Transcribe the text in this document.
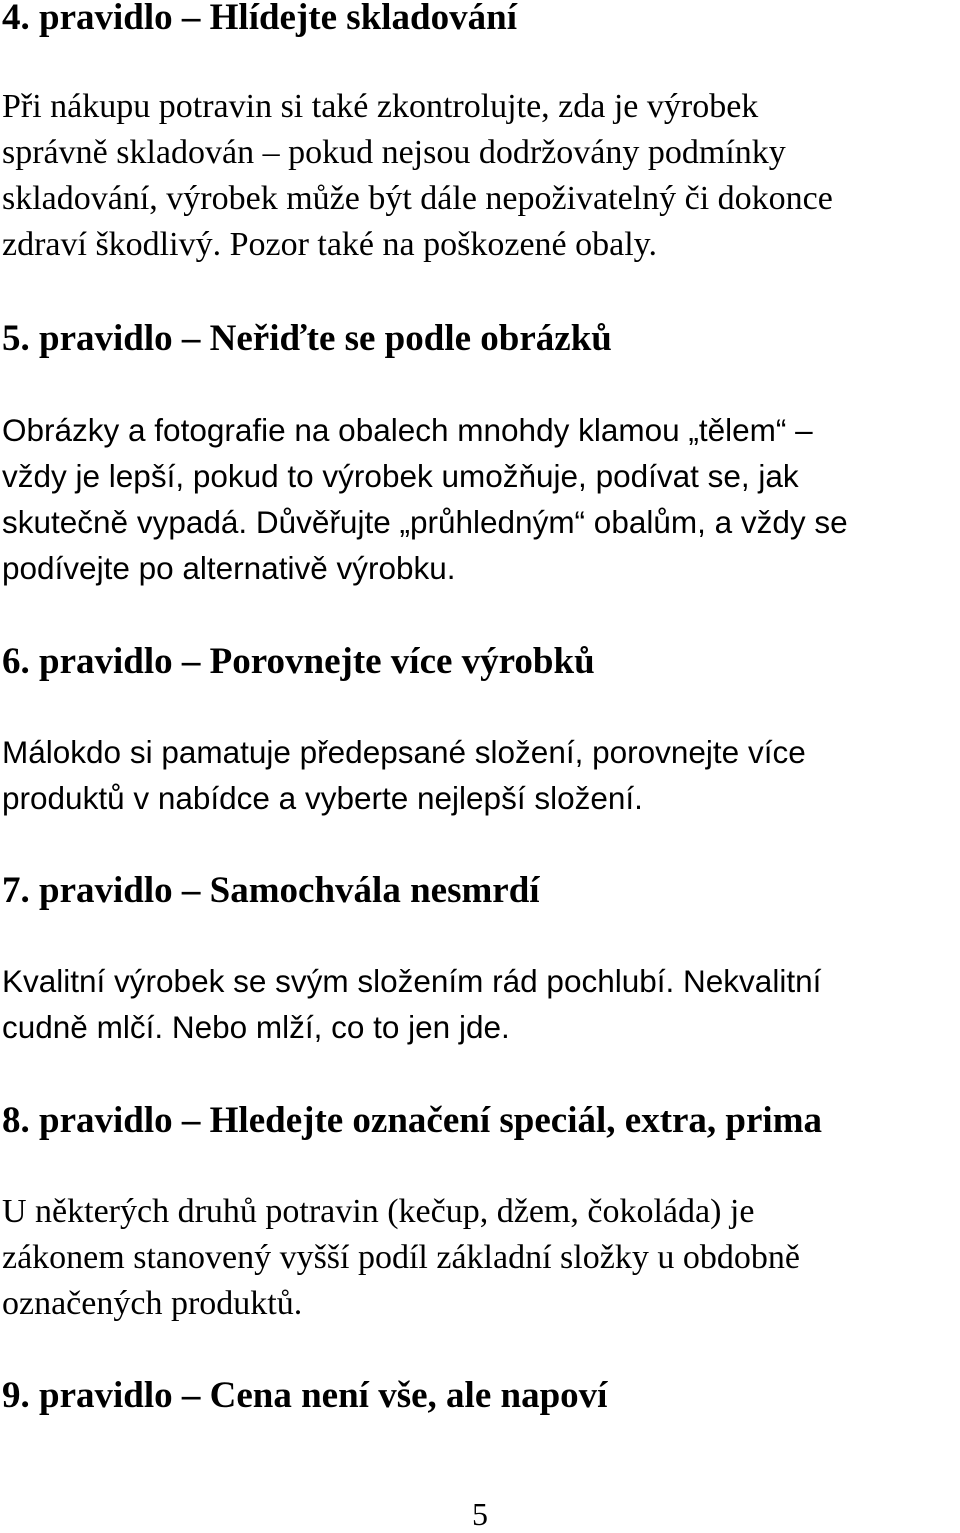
4. pravidlo – Hlídejte skladování

Při nákupu potravin si také zkontrolujte, zda je výrobek
správně skladován – pokud nejsou dodržovány podmínky
skladování, výrobek může být dále nepoživatelný či dokonce
zdraví škodlivý. Pozor také na poškozené obaly.

5. pravidlo – Neřiďte se podle obrázků

Obrázky a fotografie na obalech mnohdy klamou „tělem“ –
vždy je lepší, pokud to výrobek umožňuje, podívat se, jak
skutečně vypadá. Důvěřujte „průhledným“ obalům, a vždy se
podívejte po alternativě výrobku.

6. pravidlo – Porovnejte více výrobků

Málokdo si pamatuje předepsané složení, porovnejte více
produktů v nabídce a vyberte nejlepší složení.

7. pravidlo – Samochvála nesmrdí

Kvalitní výrobek se svým složením rád pochlubí. Nekvalitní
cudně mlčí. Nebo mlží, co to jen jde.

8. pravidlo – Hledejte označení speciál, extra, prima

U některých druhů potravin (kečup, džem, čokoláda) je
zákonem stanovený vyšší podíl základní složky u obdobně
označených produktů.

9. pravidlo – Cena není vše, ale napoví
5
